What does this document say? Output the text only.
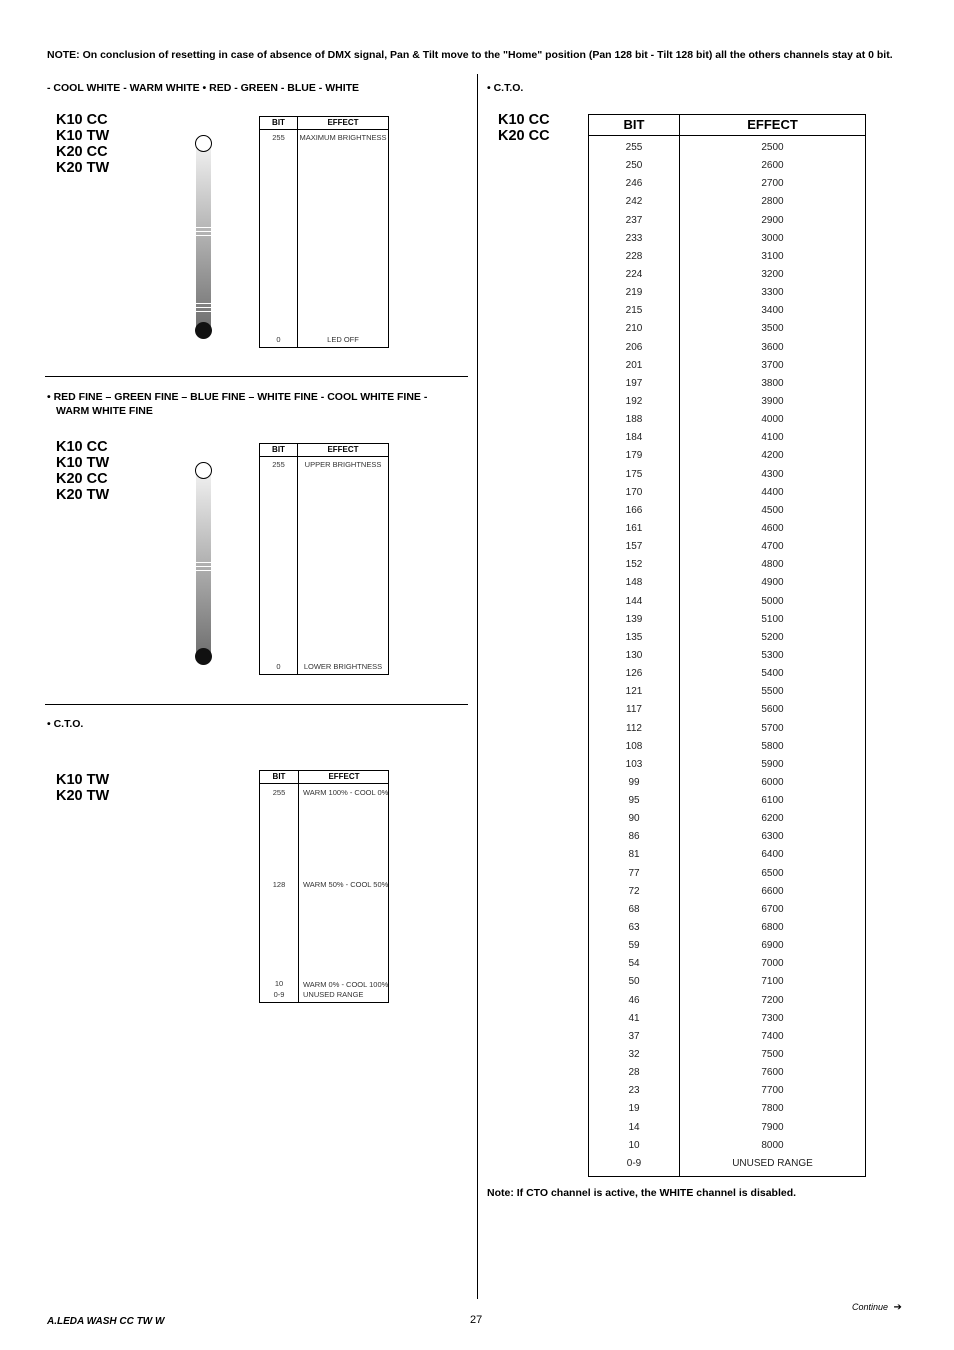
NOTE: On conclusion of resetting in case of absence of DMX signal, Pan & Tilt move to the "Home" position (Pan 128 bit - Tilt 128 bit) all the others channels stay at 0 bit.
- COOL WHITE - WARM WHITE • RED - GREEN - BLUE - WHITE
K10 CC
K10 TW
K20 CC
K20 TW
BIT	EFFECT
255	MAXIMUM BRIGHTNESS
0	LED OFF
• RED FINE – GREEN FINE – BLUE FINE – WHITE FINE - COOL WHITE FINE -
WARM WHITE FINE
K10 CC
K10 TW
K20 CC
K20 TW
BIT	EFFECT
255	UPPER BRIGHTNESS
0	LOWER BRIGHTNESS
• C.T.O.
K10 TW
K20 TW
BIT	EFFECT
255	WARM 100% - COOL 0%
128	WARM 50% - COOL 50%
10	WARM 0% - COOL 100%
0-9	UNUSED RANGE
• C.T.O.
K10 CC
K20 CC
BIT	EFFECT
255	2500
250	2600
246	2700
242	2800
237	2900
233	3000
228	3100
224	3200
219	3300
215	3400
210	3500
206	3600
201	3700
197	3800
192	3900
188	4000
184	4100
179	4200
175	4300
170	4400
166	4500
161	4600
157	4700
152	4800
148	4900
144	5000
139	5100
135	5200
130	5300
126	5400
121	5500
117	5600
112	5700
108	5800
103	5900
99	6000
95	6100
90	6200
86	6300
81	6400
77	6500
72	6600
68	6700
63	6800
59	6900
54	7000
50	7100
46	7200
41	7300
37	7400
32	7500
28	7600
23	7700
19	7800
14	7900
10	8000
0-9	UNUSED RANGE
Note: If CTO channel is active, the WHITE channel is disabled.
A.LEDA WASH CC TW W	27
Continue ➔
